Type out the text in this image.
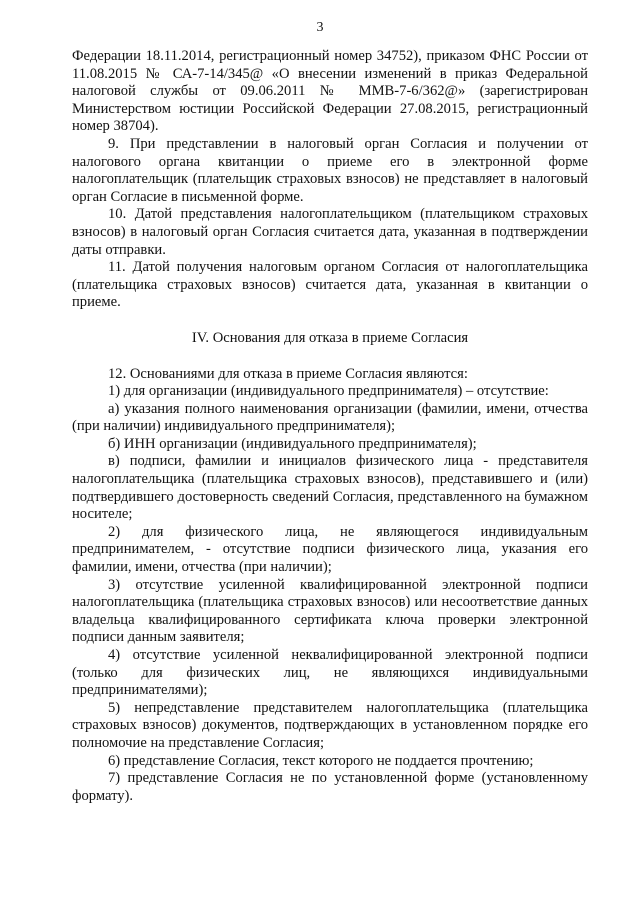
3

Федерации 18.11.2014, регистрационный номер 34752), приказом ФНС России от 11.08.2015 № СА-7-14/345@ «О внесении изменений в приказ Федеральной налоговой службы от 09.06.2011 № ММВ-7-6/362@» (зарегистрирован Министерством юстиции Российской Федерации 27.08.2015, регистрационный номер 38704).

9. При представлении в налоговый орган Согласия и получении от налогового органа квитанции о приеме его в электронной форме налогоплательщик (плательщик страховых взносов) не представляет в налоговый орган Согласие в письменной форме.

10. Датой представления налогоплательщиком (плательщиком страховых взносов) в налоговый орган Согласия считается дата, указанная в подтверждении даты отправки.

11. Датой получения налоговым органом Согласия от налогоплательщика (плательщика страховых взносов) считается дата, указанная в квитанции о приеме.

IV. Основания для отказа в приеме Согласия

12. Основаниями для отказа в приеме Согласия являются:

1) для организации (индивидуального предпринимателя) – отсутствие:

а) указания полного наименования организации (фамилии, имени, отчества (при наличии) индивидуального предпринимателя);

б) ИНН организации (индивидуального предпринимателя);

в) подписи, фамилии и инициалов физического лица - представителя налогоплательщика (плательщика страховых взносов), представившего и (или) подтвердившего достоверность сведений Согласия, представленного на бумажном носителе;

2) для физического лица, не являющегося индивидуальным предпринимателем, - отсутствие подписи физического лица, указания его фамилии, имени, отчества (при наличии);

3) отсутствие усиленной квалифицированной электронной подписи налогоплательщика (плательщика страховых взносов) или несоответствие данных владельца квалифицированного сертификата ключа проверки электронной подписи данным заявителя;

4) отсутствие усиленной неквалифицированной электронной подписи (только для физических лиц, не являющихся индивидуальными предпринимателями);

5) непредставление представителем налогоплательщика (плательщика страховых взносов) документов, подтверждающих в установленном порядке его полномочие на представление Согласия;

6) представление Согласия, текст которого не поддается прочтению;

7) представление Согласия не по установленной форме (установленному формату).
